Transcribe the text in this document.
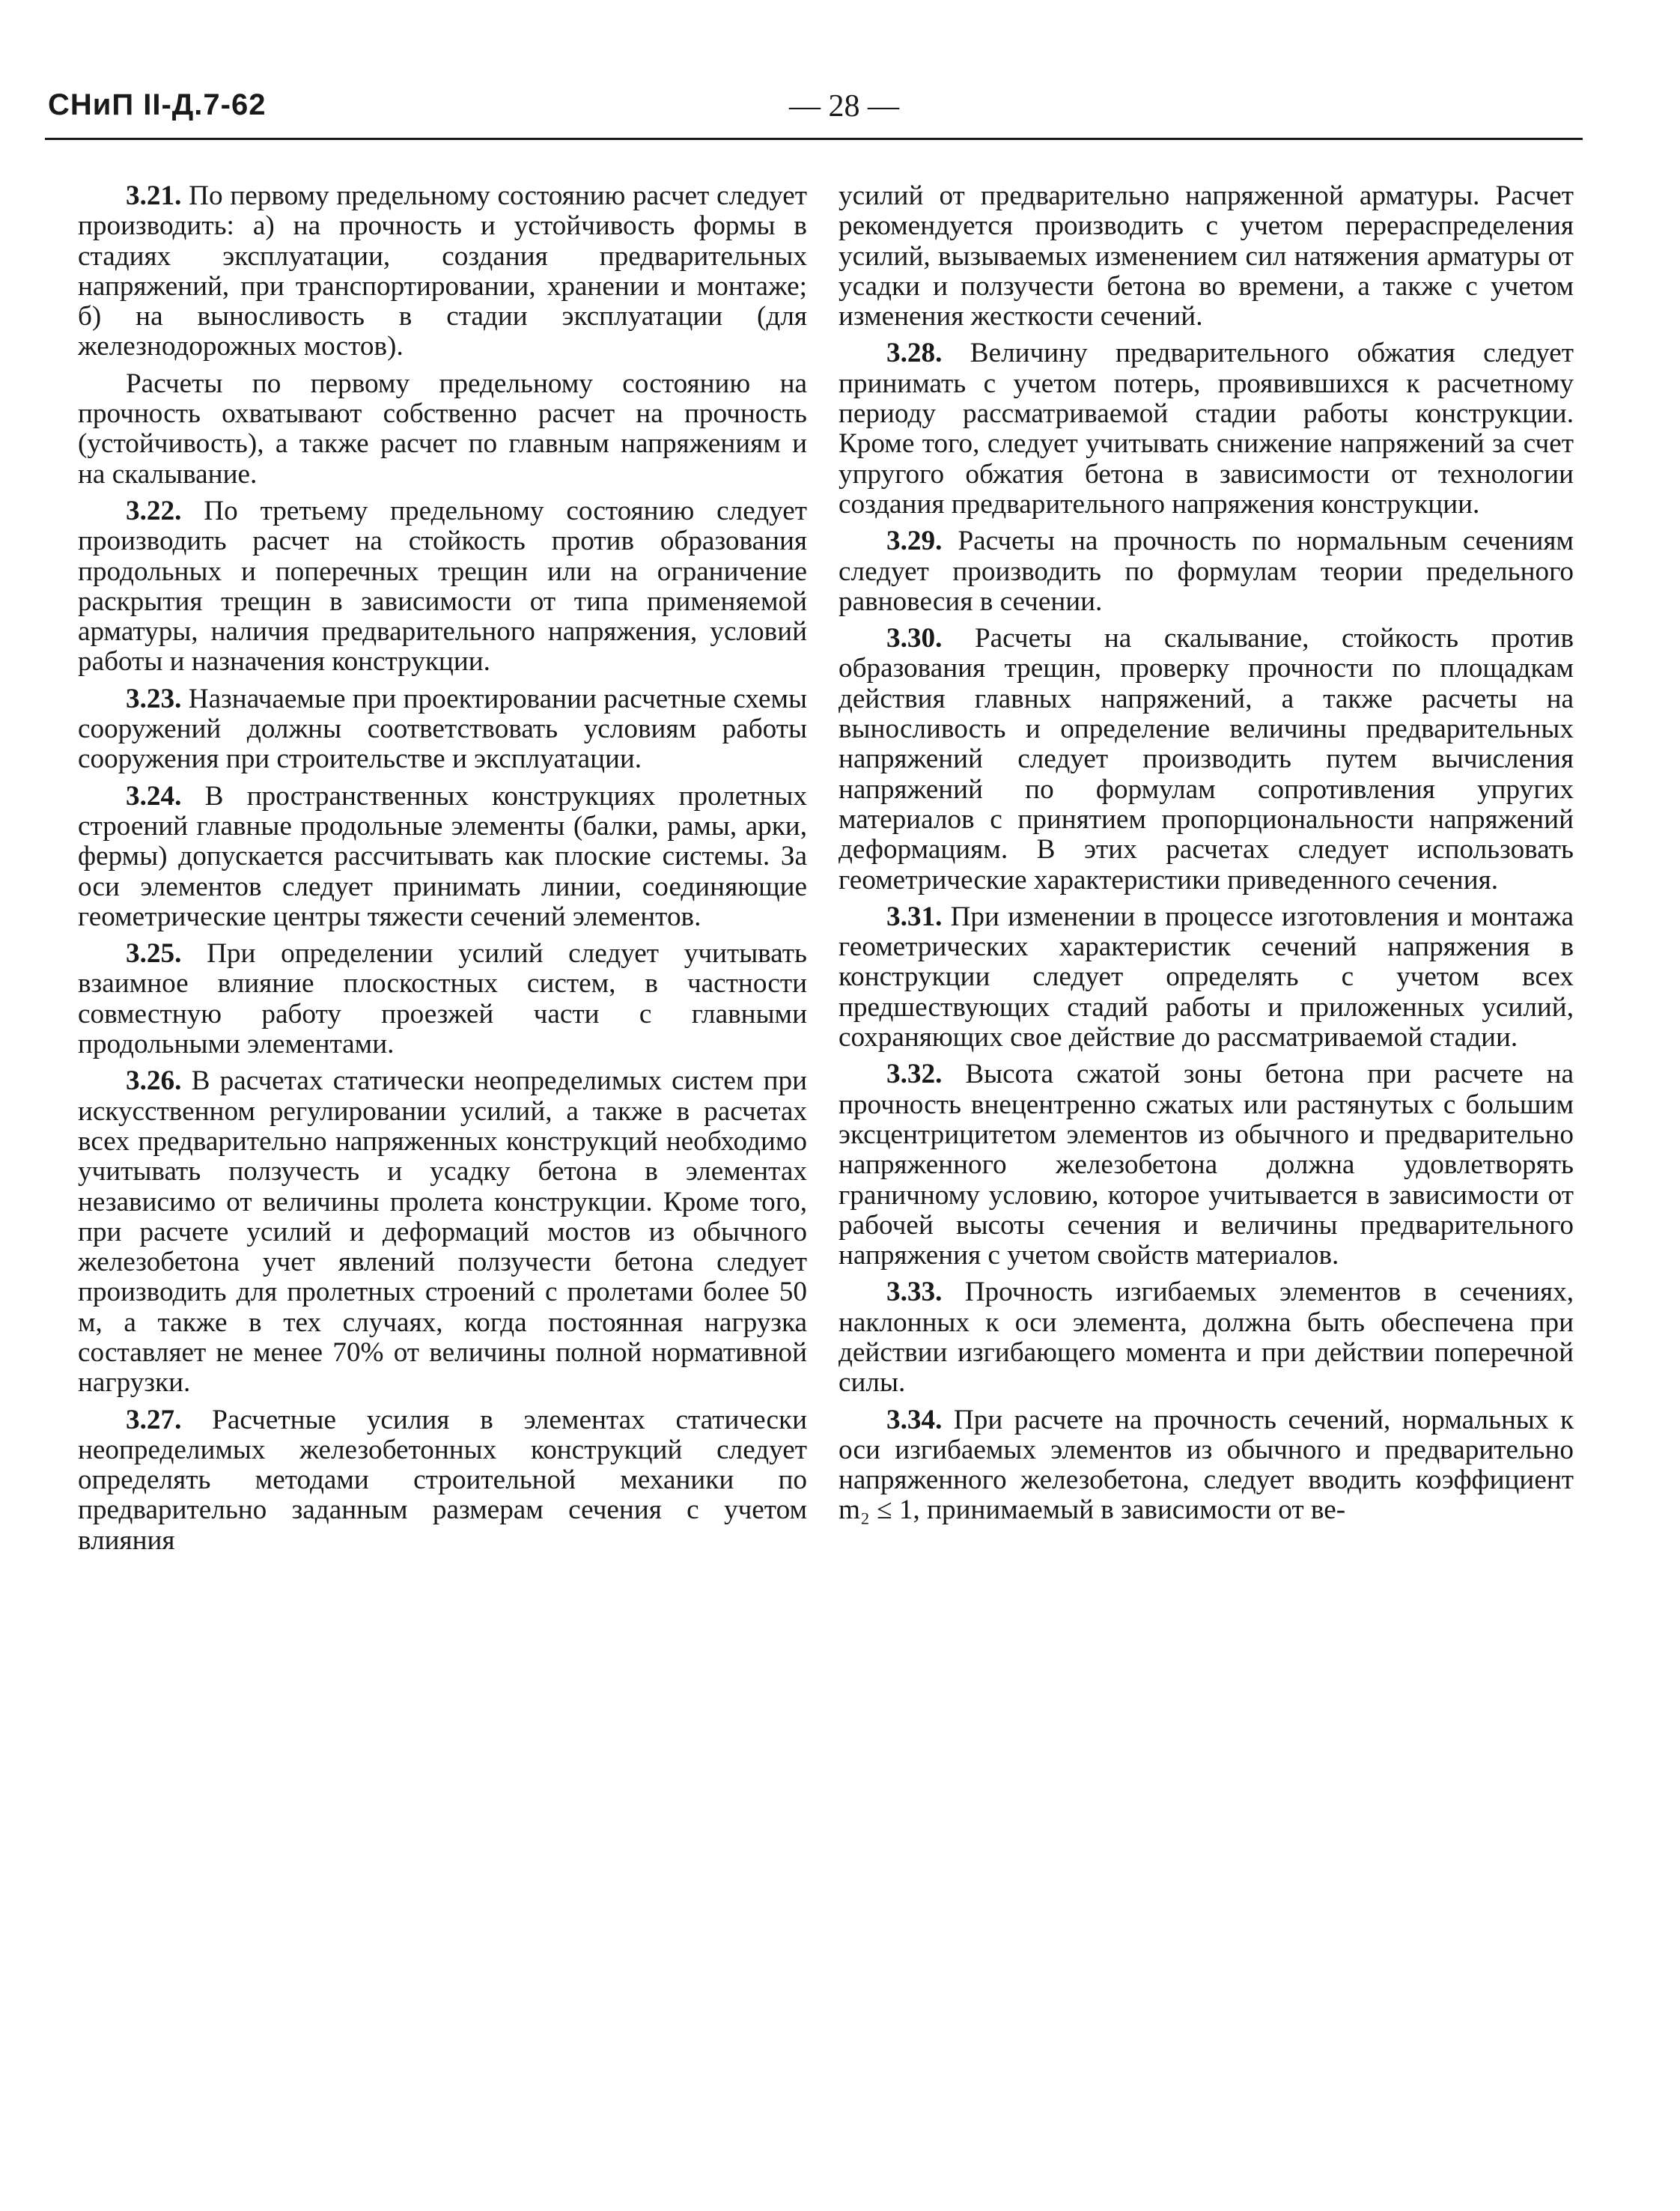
СНиП II-Д.7-62	— 28 —

3.21. По первому предельному состоянию расчет следует производить: а) на прочность и устойчивость формы в стадиях эксплуатации, создания предварительных напряжений, при транспортировании, хранении и монтаже; б) на выносливость в стадии эксплуатации (для железнодорожных мостов).

Расчеты по первому предельному состоянию на прочность охватывают собственно расчет на прочность (устойчивость), а также расчет по главным напряжениям и на скалывание.

3.22. По третьему предельному состоянию следует производить расчет на стойкость против образования продольных и поперечных трещин или на ограничение раскрытия трещин в зависимости от типа применяемой арматуры, наличия предварительного напряжения, условий работы и назначения конструкции.

3.23. Назначаемые при проектировании расчетные схемы сооружений должны соответствовать условиям работы сооружения при строительстве и эксплуатации.

3.24. В пространственных конструкциях пролетных строений главные продольные элементы (балки, рамы, арки, фермы) допускается рассчитывать как плоские системы. За оси элементов следует принимать линии, соединяющие геометрические центры тяжести сечений элементов.

3.25. При определении усилий следует учитывать взаимное влияние плоскостных систем, в частности совместную работу проезжей части с главными продольными элементами.

3.26. В расчетах статически неопределимых систем при искусственном регулировании усилий, а также в расчетах всех предварительно напряженных конструкций необходимо учитывать ползучесть и усадку бетона в элементах независимо от величины пролета конструкции. Кроме того, при расчете усилий и деформаций мостов из обычного железобетона учет явлений ползучести бетона следует производить для пролетных строений с пролетами более 50 м, а также в тех случаях, когда постоянная нагрузка составляет не менее 70% от величины полной нормативной нагрузки.

3.27. Расчетные усилия в элементах статически неопределимых железобетонных конструкций следует определять методами строительной механики по предварительно заданным размерам сечения с учетом влияния

усилий от предварительно напряженной арматуры. Расчет рекомендуется производить с учетом перераспределения усилий, вызываемых изменением сил натяжения арматуры от усадки и ползучести бетона во времени, а также с учетом изменения жесткости сечений.

3.28. Величину предварительного обжатия следует принимать с учетом потерь, проявившихся к расчетному периоду рассматриваемой стадии работы конструкции. Кроме того, следует учитывать снижение напряжений за счет упругого обжатия бетона в зависимости от технологии создания предварительного напряжения конструкции.

3.29. Расчеты на прочность по нормальным сечениям следует производить по формулам теории предельного равновесия в сечении.

3.30. Расчеты на скалывание, стойкость против образования трещин, проверку прочности по площадкам действия главных напряжений, а также расчеты на выносливость и определение величины предварительных напряжений следует производить путем вычисления напряжений по формулам сопротивления упругих материалов с принятием пропорциональности напряжений деформациям. В этих расчетах следует использовать геометрические характеристики приведенного сечения.

3.31. При изменении в процессе изготовления и монтажа геометрических характеристик сечений напряжения в конструкции следует определять с учетом всех предшествующих стадий работы и приложенных усилий, сохраняющих свое действие до рассматриваемой стадии.

3.32. Высота сжатой зоны бетона при расчете на прочность внецентренно сжатых или растянутых с большим эксцентрицитетом элементов из обычного и предварительно напряженного железобетона должна удовлетворять граничному условию, которое учитывается в зависимости от рабочей высоты сечения и величины предварительного напряжения с учетом свойств материалов.

3.33. Прочность изгибаемых элементов в сечениях, наклонных к оси элемента, должна быть обеспечена при действии изгибающего момента и при действии поперечной силы.

3.34. При расчете на прочность сечений, нормальных к оси изгибаемых элементов из обычного и предварительно напряженного железобетона, следует вводить коэффициент m₂ ≤ 1, принимаемый в зависимости от ве-
